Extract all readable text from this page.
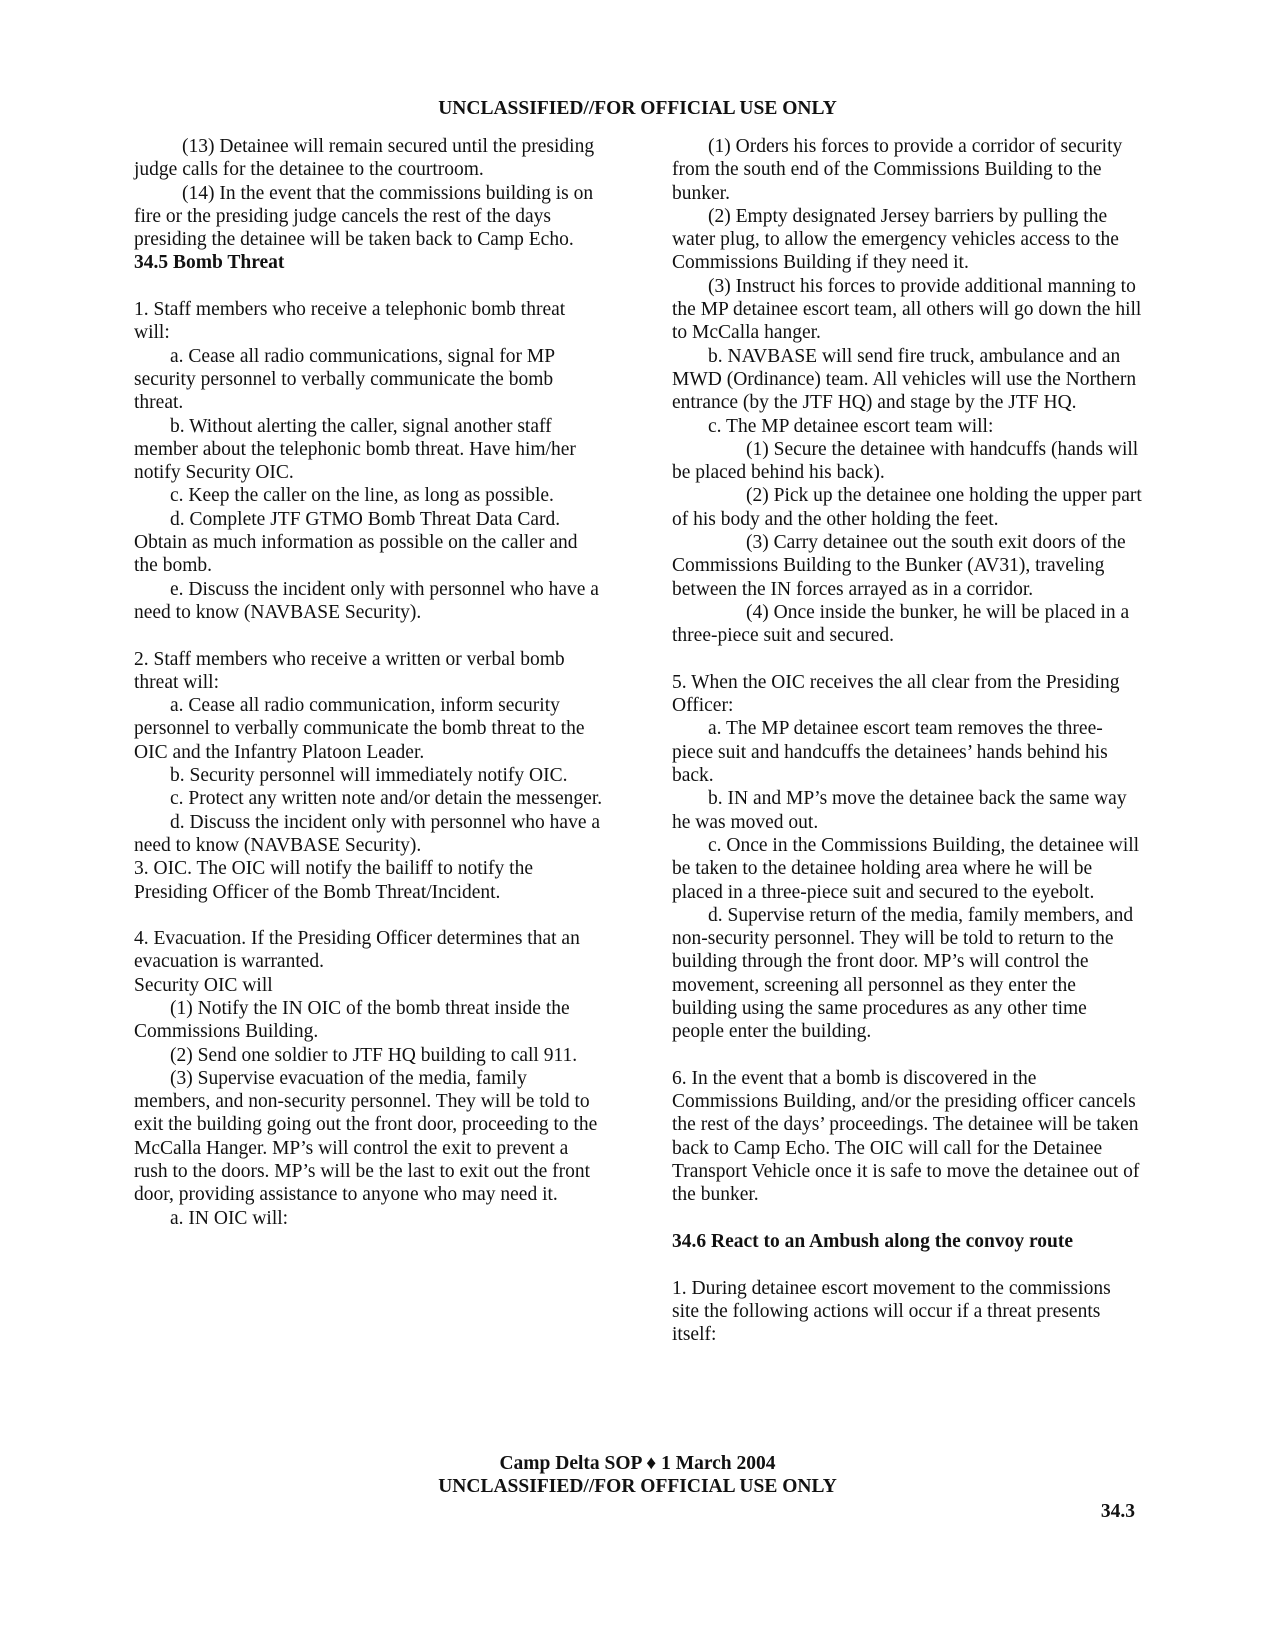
UNCLASSIFIED//FOR OFFICIAL USE ONLY

(13) Detainee will remain secured until the presiding judge calls for the detainee to the courtroom.

(14) In the event that the commissions building is on fire or the presiding judge cancels the rest of the days presiding the detainee will be taken back to Camp Echo.

34.5 Bomb Threat

1. Staff members who receive a telephonic bomb threat will:

a. Cease all radio communications, signal for MP security personnel to verbally communicate the bomb threat.

b. Without alerting the caller, signal another staff member about the telephonic bomb threat. Have him/her notify Security OIC.

c. Keep the caller on the line, as long as possible.

d. Complete JTF GTMO Bomb Threat Data Card. Obtain as much information as possible on the caller and the bomb.

e. Discuss the incident only with personnel who have a need to know (NAVBASE Security).

2. Staff members who receive a written or verbal bomb threat will:

a. Cease all radio communication, inform security personnel to verbally communicate the bomb threat to the OIC and the Infantry Platoon Leader.

b. Security personnel will immediately notify OIC.

c. Protect any written note and/or detain the messenger.

d. Discuss the incident only with personnel who have a need to know (NAVBASE Security).

3. OIC. The OIC will notify the bailiff to notify the Presiding Officer of the Bomb Threat/Incident.

4. Evacuation. If the Presiding Officer determines that an evacuation is warranted.

Security OIC will

(1) Notify the IN OIC of the bomb threat inside the Commissions Building.

(2) Send one soldier to JTF HQ building to call 911.

(3) Supervise evacuation of the media, family members, and non-security personnel. They will be told to exit the building going out the front door, proceeding to the McCalla Hanger. MP’s will control the exit to prevent a rush to the doors. MP’s will be the last to exit out the front door, providing assistance to anyone who may need it.

a. IN OIC will:

(1) Orders his forces to provide a corridor of security from the south end of the Commissions Building to the bunker.

(2) Empty designated Jersey barriers by pulling the water plug, to allow the emergency vehicles access to the Commissions Building if they need it.

(3) Instruct his forces to provide additional manning to the MP detainee escort team, all others will go down the hill to McCalla hanger.

b. NAVBASE will send fire truck, ambulance and an MWD (Ordinance) team. All vehicles will use the Northern entrance (by the JTF HQ) and stage by the JTF HQ.

c. The MP detainee escort team will:

(1) Secure the detainee with handcuffs (hands will be placed behind his back).

(2) Pick up the detainee one holding the upper part of his body and the other holding the feet.

(3) Carry detainee out the south exit doors of the Commissions Building to the Bunker (AV31), traveling between the IN forces arrayed as in a corridor.

(4) Once inside the bunker, he will be placed in a three-piece suit and secured.

5. When the OIC receives the all clear from the Presiding Officer:

a. The MP detainee escort team removes the three-piece suit and handcuffs the detainees’ hands behind his back.

b. IN and MP’s move the detainee back the same way he was moved out.

c. Once in the Commissions Building, the detainee will be taken to the detainee holding area where he will be placed in a three-piece suit and secured to the eyebolt.

d. Supervise return of the media, family members, and non-security personnel. They will be told to return to the building through the front door. MP’s will control the movement, screening all personnel as they enter the building using the same procedures as any other time people enter the building.

6. In the event that a bomb is discovered in the Commissions Building, and/or the presiding officer cancels the rest of the days’ proceedings. The detainee will be taken back to Camp Echo. The OIC will call for the Detainee Transport Vehicle once it is safe to move the detainee out of the bunker.

34.6 React to an Ambush along the convoy route

1. During detainee escort movement to the commissions site the following actions will occur if a threat presents itself:

Camp Delta SOP ♦ 1 March 2004
UNCLASSIFIED//FOR OFFICIAL USE ONLY
34.3
